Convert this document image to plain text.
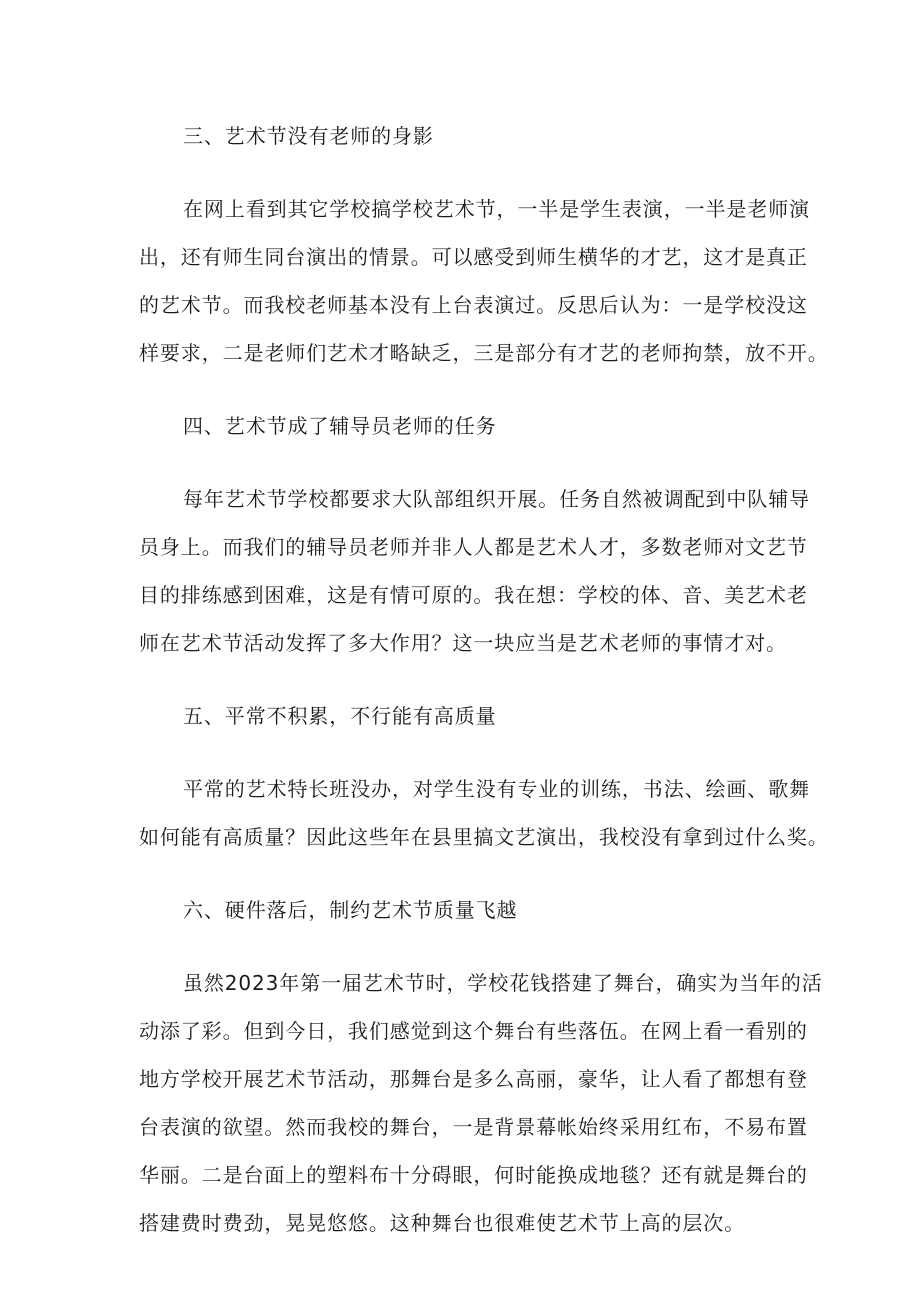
三、艺术节没有老师的身影
在网上看到其它学校搞学校艺术节，一半是学生表演，一半是老师演
出，还有师生同台演出的情景。可以感受到师生横华的才艺，这才是真正
的艺术节。而我校老师基本没有上台表演过。反思后认为：一是学校没这
样要求，二是老师们艺术才略缺乏，三是部分有才艺的老师拘禁，放不开。
四、艺术节成了辅导员老师的任务
每年艺术节学校都要求大队部组织开展。任务自然被调配到中队辅导
员身上。而我们的辅导员老师并非人人都是艺术人才，多数老师对文艺节
目的排练感到困难，这是有情可原的。我在想：学校的体、音、美艺术老
师在艺术节活动发挥了多大作用？这一块应当是艺术老师的事情才对。
五、平常不积累，不行能有高质量
平常的艺术特长班没办，对学生没有专业的训练，书法、绘画、歌舞
如何能有高质量？因此这些年在县里搞文艺演出，我校没有拿到过什么奖。
六、硬件落后，制约艺术节质量飞越
虽然2023年第一届艺术节时，学校花钱搭建了舞台，确实为当年的活
动添了彩。但到今日，我们感觉到这个舞台有些落伍。在网上看一看别的
地方学校开展艺术节活动，那舞台是多么高丽，豪华，让人看了都想有登
台表演的欲望。然而我校的舞台，一是背景幕帐始终采用红布，不易布置
华丽。二是台面上的塑料布十分碍眼，何时能换成地毯？还有就是舞台的
搭建费时费劲，晃晃悠悠。这种舞台也很难使艺术节上高的层次。
